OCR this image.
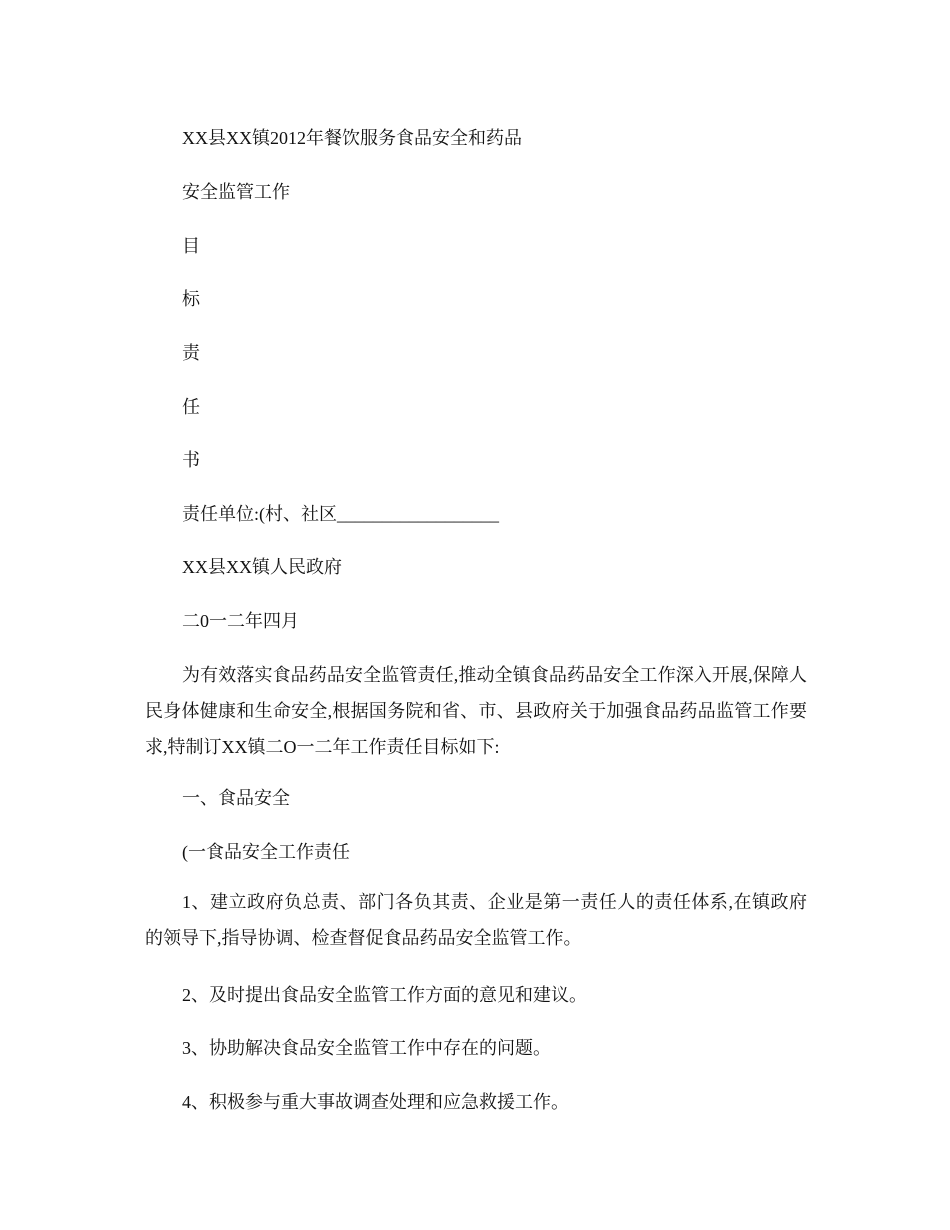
XX县XX镇2012年餐饮服务食品安全和药品
安全监管工作
目
标
责
任
书
责任单位:(村、社区__________________
XX县XX镇人民政府
二0一二年四月
为有效落实食品药品安全监管责任,推动全镇食品药品安全工作深入开展,保障人民身体健康和生命安全,根据国务院和省、市、县政府关于加强食品药品监管工作要求,特制订XX镇二O一二年工作责任目标如下:
一、食品安全
(一食品安全工作责任
1、建立政府负总责、部门各负其责、企业是第一责任人的责任体系,在镇政府的领导下,指导协调、检查督促食品药品安全监管工作。
2、及时提出食品安全监管工作方面的意见和建议。
3、协助解决食品安全监管工作中存在的问题。
4、积极参与重大事故调查处理和应急救援工作。
